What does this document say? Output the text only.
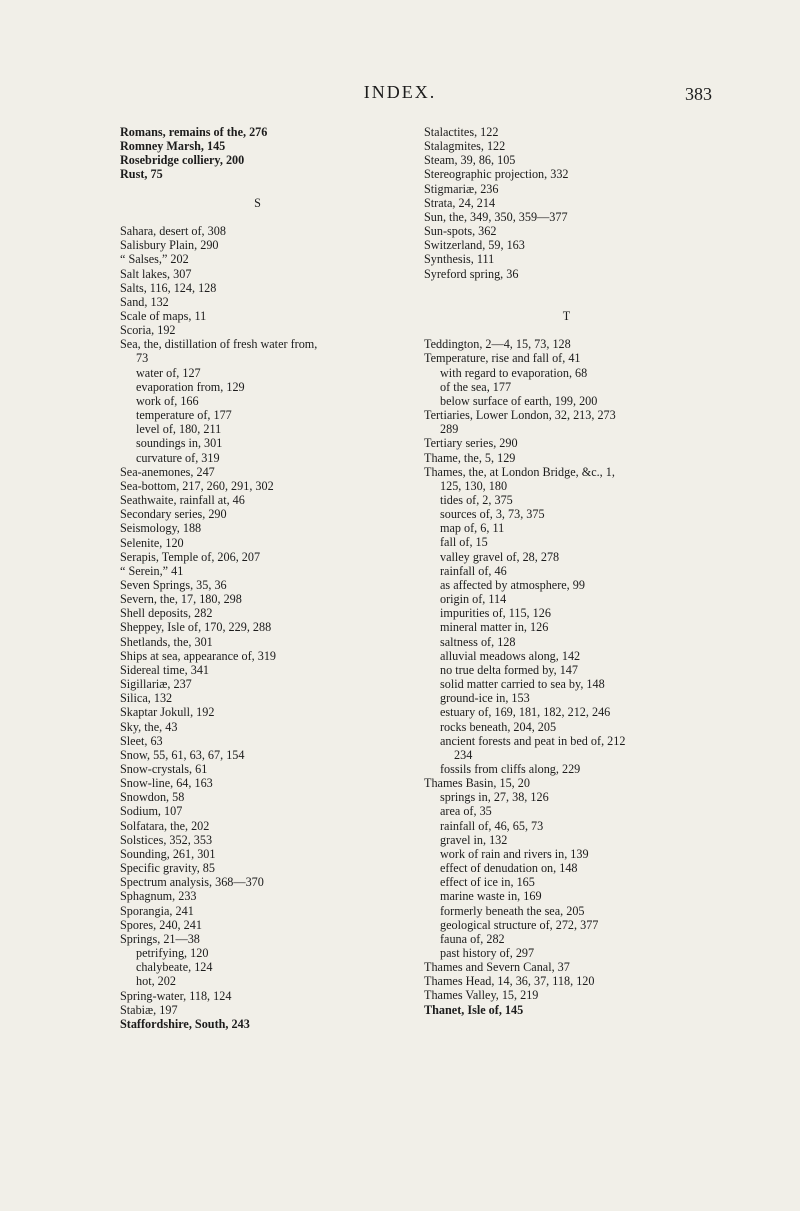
INDEX.	383
Romans, remains of the, 276
Romney Marsh, 145
Rosebridge colliery, 200
Rust, 75
S
Sahara, desert of, 308
Salisbury Plain, 290
“ Salses,” 202
Salt lakes, 307
Salts, 116, 124, 128
Sand, 132
Scale of maps, 11
Scoria, 192
Sea, the, distillation of fresh water from,
73
water of, 127
evaporation from, 129
work of, 166
temperature of, 177
level of, 180, 211
soundings in, 301
curvature of, 319
Sea-anemones, 247
Sea-bottom, 217, 260, 291, 302
Seathwaite, rainfall at, 46
Secondary series, 290
Seismology, 188
Selenite, 120
Serapis, Temple of, 206, 207
“ Serein,” 41
Seven Springs, 35, 36
Severn, the, 17, 180, 298
Shell deposits, 282
Sheppey, Isle of, 170, 229, 288
Shetlands, the, 301
Ships at sea, appearance of, 319
Sidereal time, 341
Sigillariæ, 237
Silica, 132
Skaptar Jokull, 192
Sky, the, 43
Sleet, 63
Snow, 55, 61, 63, 67, 154
Snow-crystals, 61
Snow-line, 64, 163
Snowdon, 58
Sodium, 107
Solfatara, the, 202
Solstices, 352, 353
Sounding, 261, 301
Specific gravity, 85
Spectrum analysis, 368—370
Sphagnum, 233
Sporangia, 241
Spores, 240, 241
Springs, 21—38
petrifying, 120
chalybeate, 124
hot, 202
Spring-water, 118, 124
Stabiæ, 197
Staffordshire, South, 243
Stalactites, 122
Stalagmites, 122
Steam, 39, 86, 105
Stereographic projection, 332
Stigmariæ, 236
Strata, 24, 214
Sun, the, 349, 350, 359—377
Sun-spots, 362
Switzerland, 59, 163
Synthesis, 111
Syreford spring, 36
T
Teddington, 2—4, 15, 73, 128
Temperature, rise and fall of, 41
with regard to evaporation, 68
of the sea, 177
below surface of earth, 199, 200
Tertiaries, Lower London, 32, 213, 273
289
Tertiary series, 290
Thame, the, 5, 129
Thames, the, at London Bridge, &c., 1,
125, 130, 180
tides of, 2, 375
sources of, 3, 73, 375
map of, 6, 11
fall of, 15
valley gravel of, 28, 278
rainfall of, 46
as affected by atmosphere, 99
origin of, 114
impurities of, 115, 126
mineral matter in, 126
saltness of, 128
alluvial meadows along, 142
no true delta formed by, 147
solid matter carried to sea by, 148
ground-ice in, 153
estuary of, 169, 181, 182, 212, 246
rocks beneath, 204, 205
ancient forests and peat in bed of, 212
234
fossils from cliffs along, 229
Thames Basin, 15, 20
springs in, 27, 38, 126
area of, 35
rainfall of, 46, 65, 73
gravel in, 132
work of rain and rivers in, 139
effect of denudation on, 148
effect of ice in, 165
marine waste in, 169
formerly beneath the sea, 205
geological structure of, 272, 377
fauna of, 282
past history of, 297
Thames and Severn Canal, 37
Thames Head, 14, 36, 37, 118, 120
Thames Valley, 15, 219
Thanet, Isle of, 145
